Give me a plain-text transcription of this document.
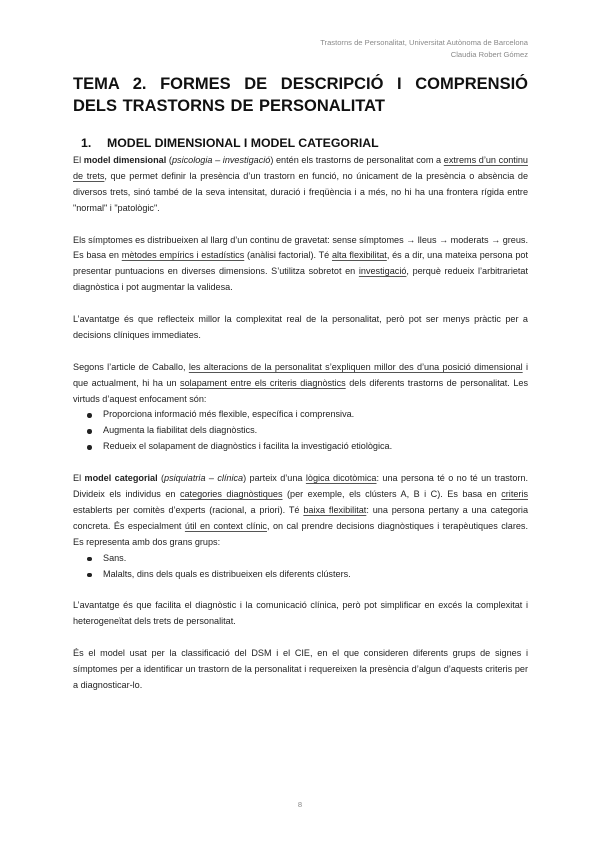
Trastorns de Personalitat, Universitat Autònoma de Barcelona
Claudia Robert Gómez
TEMA 2. FORMES DE DESCRIPCIÓ I COMPRENSIÓ DELS TRASTORNS DE PERSONALITAT
1. MODEL DIMENSIONAL I MODEL CATEGORIAL

El model dimensional (psicologia – investigació) entén els trastorns de personalitat com a extrems d’un continu de trets, que permet definir la presència d’un trastorn en funció, no únicament de la presència o absència de diversos trets, sinó també de la seva intensitat, duració i freqüència i a més, no hi ha una frontera rígida entre "normal" i "patològic".

Els símptomes es distribueixen al llarg d’un continu de gravetat: sense símptomes → lleus → moderats → greus. Es basa en mètodes empírics i estadístics (anàlisi factorial). Té alta flexibilitat, és a dir, una mateixa persona pot presentar puntuacions en diverses dimensions. S’utilitza sobretot en investigació, perquè redueix l’arbitrarietat diagnòstica i pot augmentar la validesa.

L’avantatge és que reflecteix millor la complexitat real de la personalitat, però pot ser menys pràctic per a decisions clíniques immediates.

Segons l’article de Caballo, les alteracions de la personalitat s’expliquen millor des d’una posició dimensional i que actualment, hi ha un solapament entre els criteris diagnòstics dels diferents trastorns de personalitat. Les virtuds d’aquest enfocament són:

Proporciona informació més flexible, específica i comprensiva.
Augmenta la fiabilitat dels diagnòstics.
Redueix el solapament de diagnòstics i facilita la investigació etiològica.

El model categorial (psiquiatria – clínica) parteix d’una lògica dicotòmica: una persona té o no té un trastorn. Divideix els individus en categories diagnòstiques (per exemple, els clústers A, B i C). Es basa en criteris establerts per comitès d’experts (racional, a priori). Té baixa flexibilitat: una persona pertany a una categoria concreta. És especialment útil en context clínic, on cal prendre decisions diagnòstiques i terapèutiques clares. Es representa amb dos grans grups:

Sans.
Malalts, dins dels quals es distribueixen els diferents clústers.

L’avantatge és que facilita el diagnòstic i la comunicació clínica, però pot simplificar en excés la complexitat i heterogeneïtat dels trets de personalitat.

És el model usat per la classificació del DSM i el CIE, en el que consideren diferents grups de signes i símptomes per a identificar un trastorn de la personalitat i requereixen la presència d’algun d’aquests criteris per a diagnosticar-lo.

8
